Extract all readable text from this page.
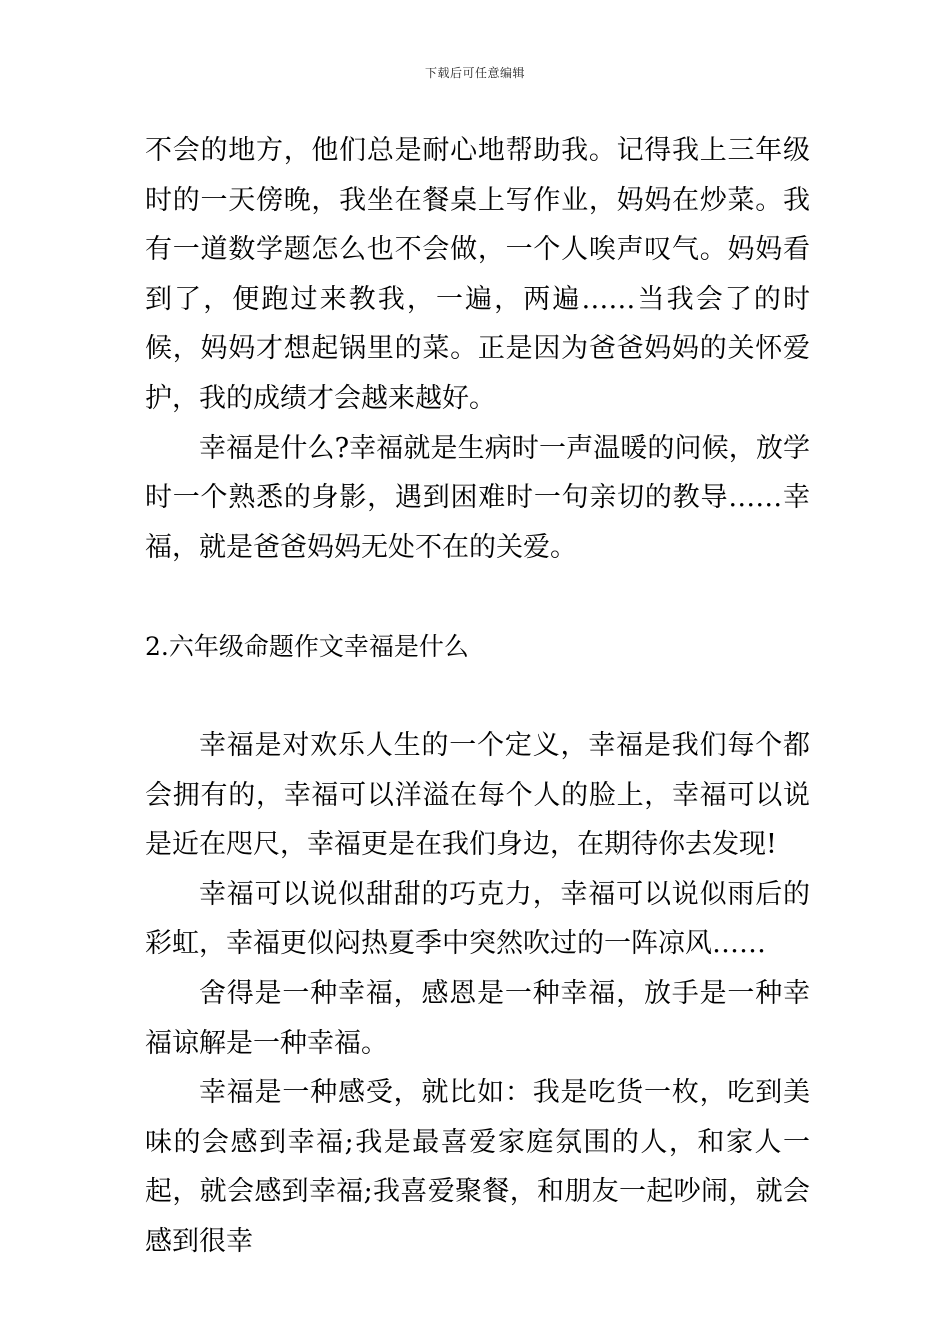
下载后可任意编辑

不会的地方，他们总是耐心地帮助我。记得我上三年级时的一天傍晚，我坐在餐桌上写作业，妈妈在炒菜。我有一道数学题怎么也不会做，一个人唉声叹气。妈妈看到了，便跑过来教我，一遍，两遍……当我会了的时候，妈妈才想起锅里的菜。正是因为爸爸妈妈的关怀爱护，我的成绩才会越来越好。

幸福是什么?幸福就是生病时一声温暖的问候，放学时一个熟悉的身影，遇到困难时一句亲切的教导……幸福，就是爸爸妈妈无处不在的关爱。

2.六年级命题作文幸福是什么

幸福是对欢乐人生的一个定义，幸福是我们每个都会拥有的，幸福可以洋溢在每个人的脸上，幸福可以说是近在咫尺，幸福更是在我们身边，在期待你去发现!

幸福可以说似甜甜的巧克力，幸福可以说似雨后的彩虹，幸福更似闷热夏季中突然吹过的一阵凉风……

舍得是一种幸福，感恩是一种幸福，放手是一种幸福谅解是一种幸福。

幸福是一种感受，就比如：我是吃货一枚，吃到美味的会感到幸福;我是最喜爱家庭氛围的人，和家人一起，就会感到幸福;我喜爱聚餐，和朋友一起吵闹，就会感到很幸
